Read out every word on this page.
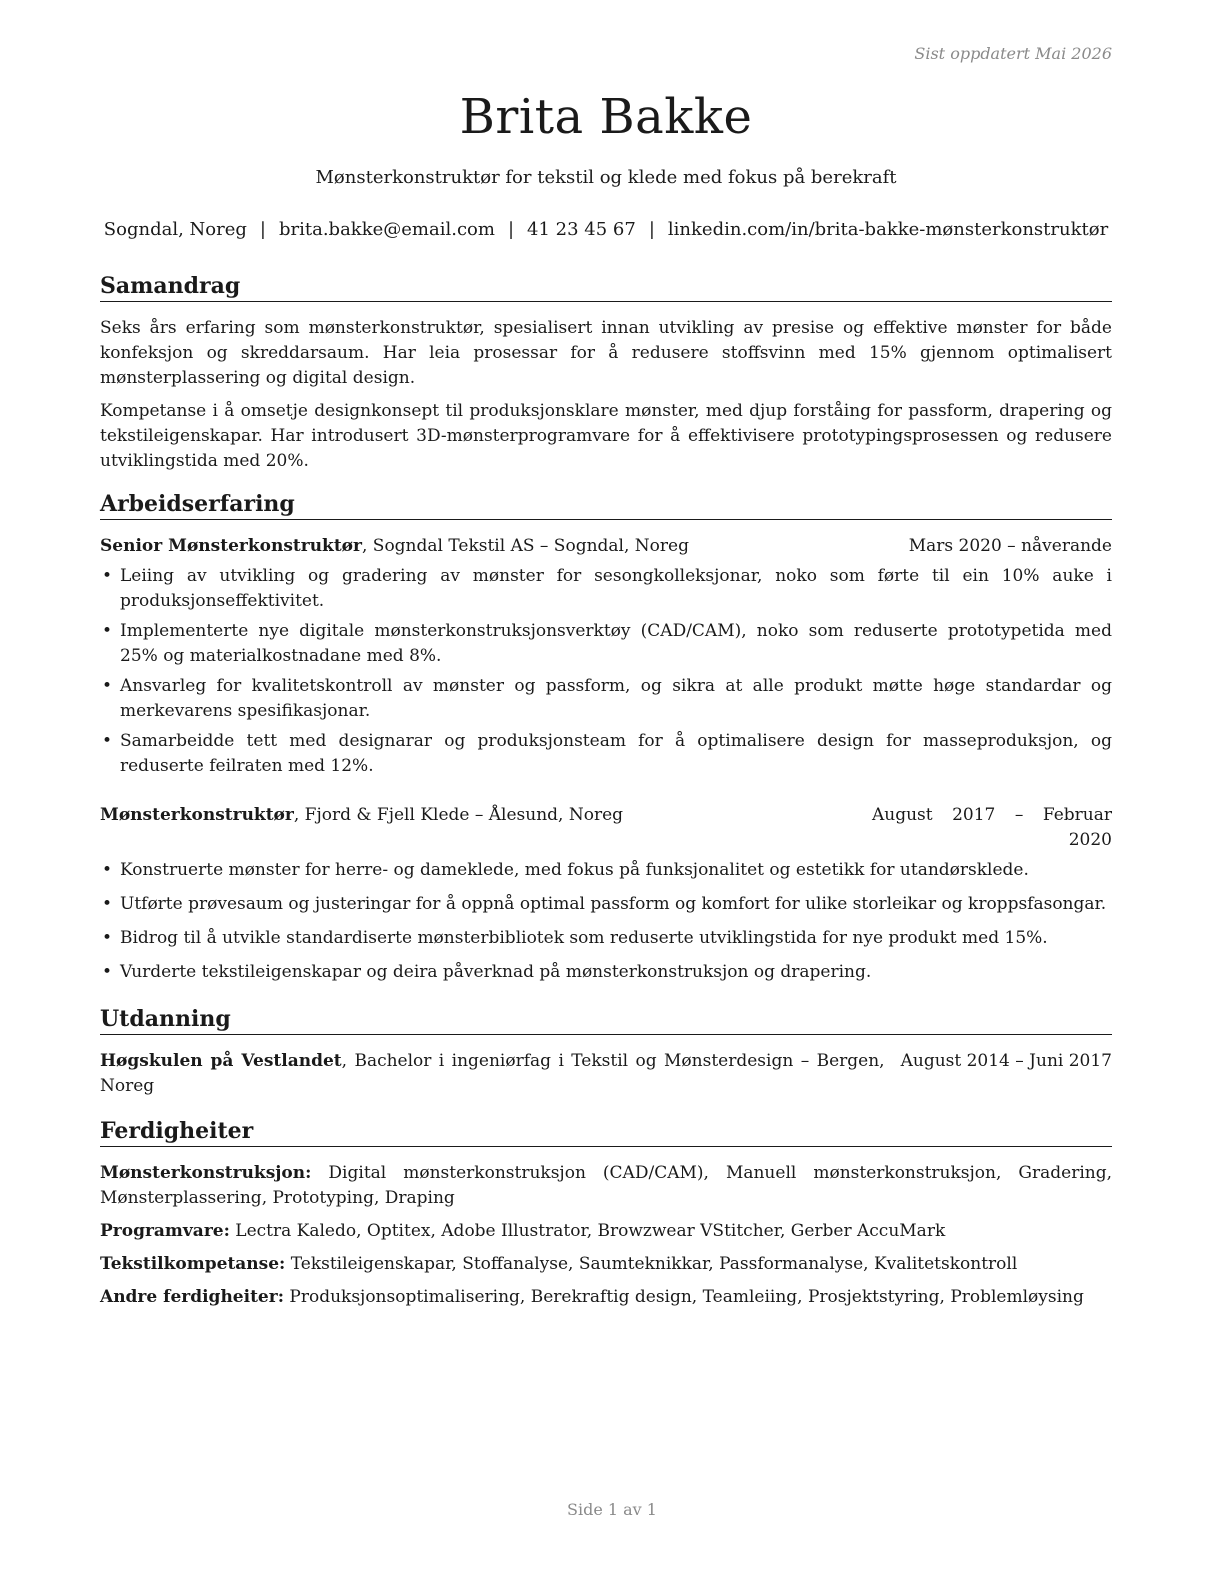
Sist oppdatert Mai 2026
Brita Bakke
Mønsterkonstruktør for tekstil og klede med fokus på berekraft
Sogndal, Noreg | brita.bakke@email.com | 41 23 45 67 | linkedin.com/in/brita-bakke-mønsterkonstruktør
Samandrag

Seks års erfaring som mønsterkonstruktør, spesialisert innan utvikling av presise og effektive mønster for både konfeksjon og skreddarsaum. Har leia prosessar for å redusere stoffsvinn med 15% gjennom optimalisert mønsterplassering og digital design.

Kompetanse i å omsetje designkonsept til produksjonsklare mønster, med djup forståing for passform, drapering og tekstileigenskapar. Har introdusert 3D-mønsterprogramvare for å effektivisere prototypingsprosessen og redusere utviklingstida med 20%.

Arbeidserfaring
Senior Mønsterkonstruktør, Sogndal Tekstil AS – Sogndal, Noreg	Mars 2020 – nåverande
• Leiing av utvikling og gradering av mønster for sesongkolleksjonar, noko som førte til ein 10% auke i produksjonseffektivitet.
• Implementerte nye digitale mønsterkonstruksjonsverktøy (CAD/CAM), noko som reduserte prototypetida med 25% og materialkostnadane med 8%.
• Ansvarleg for kvalitetskontroll av mønster og passform, og sikra at alle produkt møtte høge standardar og merkevarens spesifikasjonar.
• Samarbeidde tett med designarar og produksjonsteam for å optimalisere design for masseproduksjon, og reduserte feilraten med 12%.
Mønsterkonstruktør, Fjord & Fjell Klede – Ålesund, Noreg	August 2017 – Februar 2020
• Konstruerte mønster for herre- og dameklede, med fokus på funksjonalitet og estetikk for utandørsklede.
• Utførte prøvesaum og justeringar for å oppnå optimal passform og komfort for ulike storleikar og kroppsfasongar.
• Bidrog til å utvikle standardiserte mønsterbibliotek som reduserte utviklingstida for nye produkt med 15%.
• Vurderte tekstileigenskapar og deira påverknad på mønsterkonstruksjon og drapering.
Utdanning
Høgskulen på Vestlandet, Bachelor i ingeniørfag i Tekstil og Mønsterdesign – Bergen, Noreg
August 2014 – Juni 2017
Ferdigheiter
Mønsterkonstruksjon: Digital mønsterkonstruksjon (CAD/CAM), Manuell mønsterkonstruksjon, Gradering, Mønsterplassering, Prototyping, Draping
Programvare: Lectra Kaledo, Optitex, Adobe Illustrator, Browzwear VStitcher, Gerber AccuMark
Tekstilkompetanse: Tekstileigenskapar, Stoffanalyse, Saumteknikkar, Passformanalyse, Kvalitetskontroll
Andre ferdigheiter: Produksjonsoptimalisering, Berekraftig design, Teamleiing, Prosjektstyring, Problemløysing
Side 1 av 1
